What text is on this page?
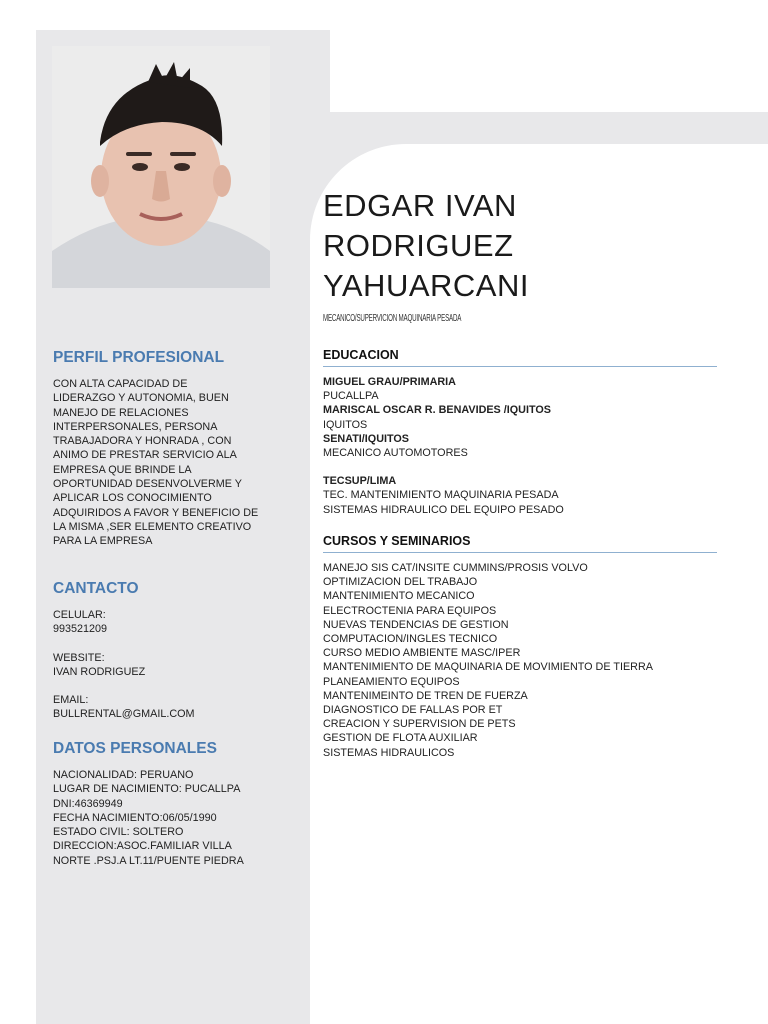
EDGAR IVAN
RODRIGUEZ
YAHUARCANI
MECANICO/SUPERVICION MAQUINARIA PESADA
PERFIL PROFESIONAL
CON ALTA CAPACIDAD DE
LIDERAZGO Y AUTONOMIA, BUEN
MANEJO DE RELACIONES
INTERPERSONALES, PERSONA
TRABAJADORA Y HONRADA , CON
ANIMO DE PRESTAR SERVICIO ALA
EMPRESA QUE BRINDE LA
OPORTUNIDAD DESENVOLVERME Y
APLICAR LOS CONOCIMIENTO
ADQUIRIDOS A FAVOR Y BENEFICIO DE
LA MISMA ,SER ELEMENTO CREATIVO
PARA LA EMPRESA
CANTACTO
CELULAR:
993521209
WEBSITE:
IVAN RODRIGUEZ
EMAIL:
BULLRENTAL@GMAIL.COM
DATOS PERSONALES
NACIONALIDAD: PERUANO
LUGAR DE NACIMIENTO: PUCALLPA
DNI:46369949
FECHA NACIMIENTO:06/05/1990
ESTADO CIVIL: SOLTERO
DIRECCION:ASOC.FAMILIAR VILLA
NORTE .PSJ.A LT.11/PUENTE PIEDRA
EDUCACION
MIGUEL GRAU/PRIMARIA
PUCALLPA
MARISCAL OSCAR R. BENAVIDES /IQUITOS
IQUITOS
SENATI/IQUITOS
MECANICO AUTOMOTORES
TECSUP/LIMA
TEC. MANTENIMIENTO MAQUINARIA PESADA
SISTEMAS HIDRAULICO DEL EQUIPO PESADO
CURSOS Y SEMINARIOS
MANEJO SIS CAT/INSITE CUMMINS/PROSIS VOLVO
OPTIMIZACION DEL TRABAJO
MANTENIMIENTO MECANICO
ELECTROCTENIA PARA EQUIPOS
NUEVAS TENDENCIAS DE GESTION
COMPUTACION/INGLES TECNICO
CURSO MEDIO AMBIENTE MASC/IPER
MANTENIMIENTO DE MAQUINARIA DE MOVIMIENTO DE TIERRA
PLANEAMIENTO EQUIPOS
MANTENIMEINTO DE TREN DE FUERZA
DIAGNOSTICO DE FALLAS POR ET
CREACION Y SUPERVISION DE PETS
GESTION DE FLOTA AUXILIAR
SISTEMAS HIDRAULICOS
